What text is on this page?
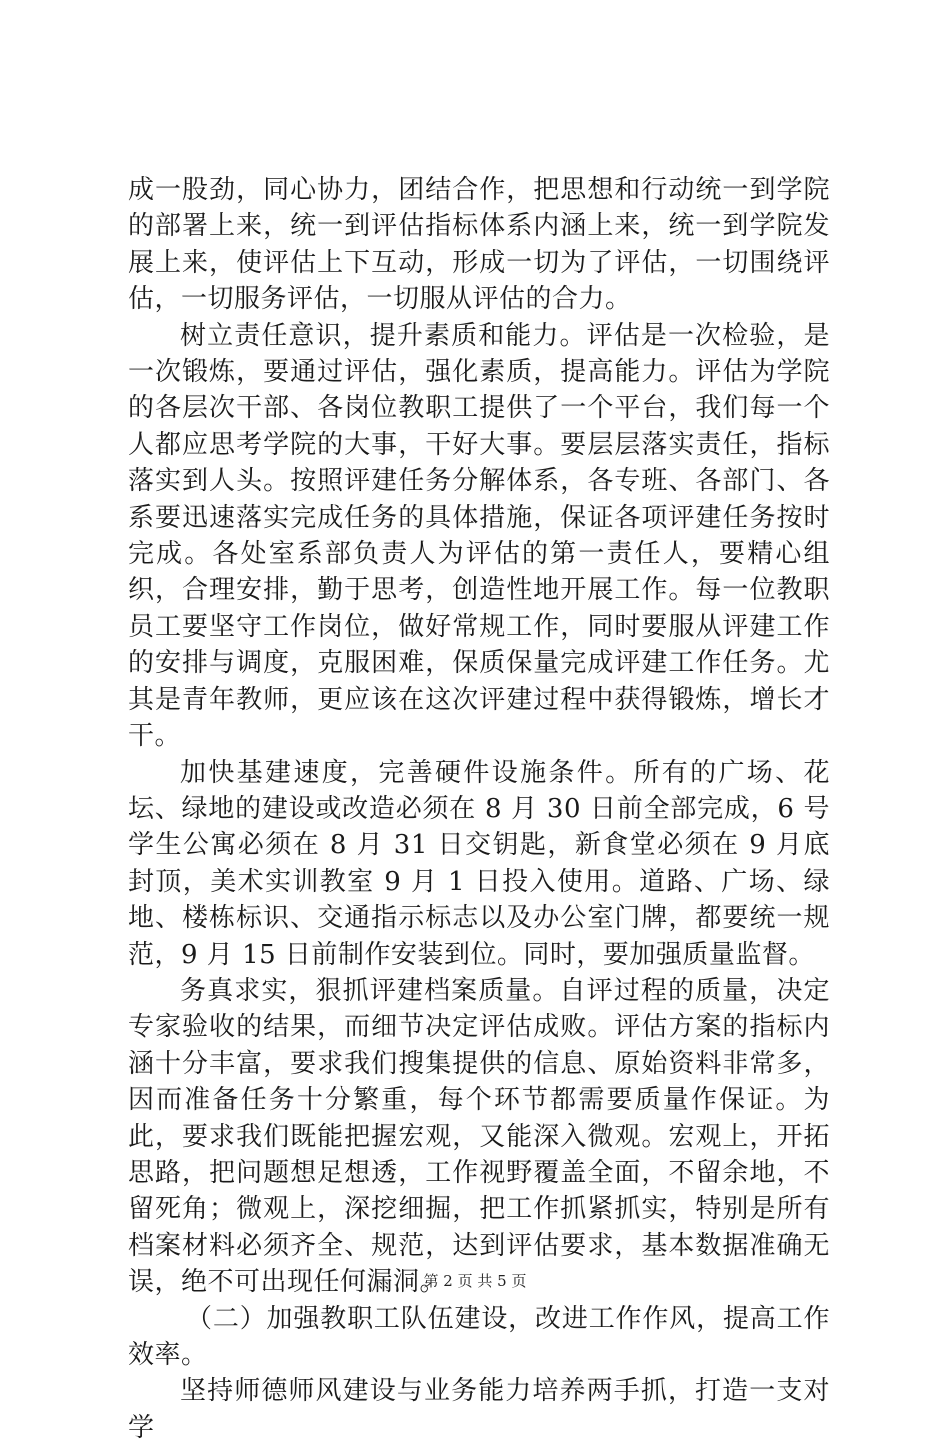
成一股劲，同心协力，团结合作，把思想和行动统一到学院的部署上来，统一到评估指标体系内涵上来，统一到学院发展上来，使评估上下互动，形成一切为了评估，一切围绕评估，一切服务评估，一切服从评估的合力。

树立责任意识，提升素质和能力。评估是一次检验，是一次锻炼，要通过评估，强化素质，提高能力。评估为学院的各层次干部、各岗位教职工提供了一个平台，我们每一个人都应思考学院的大事，干好大事。要层层落实责任，指标落实到人头。按照评建任务分解体系，各专班、各部门、各系要迅速落实完成任务的具体措施，保证各项评建任务按时完成。各处室系部负责人为评估的第一责任人，要精心组织，合理安排，勤于思考，创造性地开展工作。每一位教职员工要坚守工作岗位，做好常规工作，同时要服从评建工作的安排与调度，克服困难，保质保量完成评建工作任务。尤其是青年教师，更应该在这次评建过程中获得锻炼，增长才干。

加快基建速度，完善硬件设施条件。所有的广场、花坛、绿地的建设或改造必须在 8 月 30 日前全部完成，6 号学生公寓必须在 8 月 31 日交钥匙，新食堂必须在 9 月底封顶，美术实训教室 9 月 1 日投入使用。道路、广场、绿地、楼栋标识、交通指示标志以及办公室门牌，都要统一规范，9 月 15 日前制作安装到位。同时，要加强质量监督。

务真求实，狠抓评建档案质量。自评过程的质量，决定专家验收的结果，而细节决定评估成败。评估方案的指标内涵十分丰富，要求我们搜集提供的信息、原始资料非常多，因而准备任务十分繁重，每个环节都需要质量作保证。为此，要求我们既能把握宏观，又能深入微观。宏观上，开拓思路，把问题想足想透，工作视野覆盖全面，不留余地，不留死角；微观上，深挖细掘，把工作抓紧抓实，特别是所有档案材料必须齐全、规范，达到评估要求，基本数据准确无误，绝不可出现任何漏洞。

（二）加强教职工队伍建设，改进工作作风，提高工作效率。

坚持师德师风建设与业务能力培养两手抓，打造一支对学

第 2 页 共 5 页
